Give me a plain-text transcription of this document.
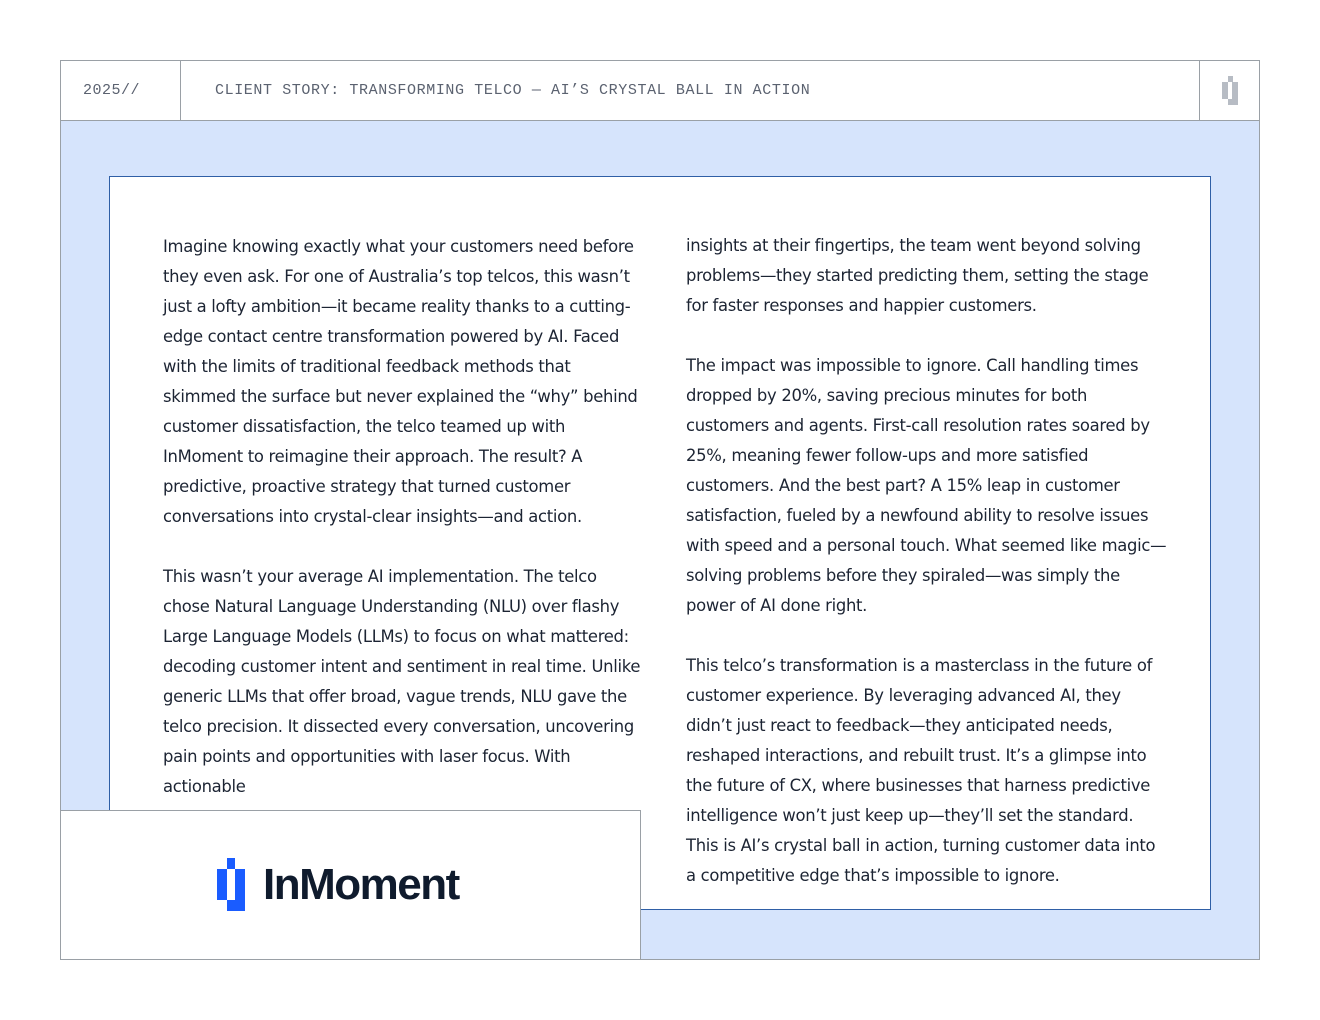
2025//	CLIENT STORY: TRANSFORMING TELCO — AI’S CRYSTAL BALL IN ACTION

Imagine knowing exactly what your customers need before they even ask. For one of Australia’s top telcos, this wasn’t just a lofty ambition—it became reality thanks to a cutting-edge contact centre transformation powered by AI. Faced with the limits of traditional feedback methods that skimmed the surface but never explained the “why” behind customer dissatisfaction, the telco teamed up with InMoment to reimagine their approach. The result? A predictive, proactive strategy that turned customer conversations into crystal-clear insights—and action.

This wasn’t your average AI implementation. The telco chose Natural Language Understanding (NLU) over flashy Large Language Models (LLMs) to focus on what mattered: decoding customer intent and sentiment in real time. Unlike generic LLMs that offer broad, vague trends, NLU gave the telco precision. It dissected every conversation, uncovering pain points and opportunities with laser focus. With actionable

insights at their fingertips, the team went beyond solving problems—they started predicting them, setting the stage for faster responses and happier customers.

The impact was impossible to ignore. Call handling times dropped by 20%, saving precious minutes for both customers and agents. First-call resolution rates soared by 25%, meaning fewer follow-ups and more satisfied customers. And the best part? A 15% leap in customer satisfaction, fueled by a newfound ability to resolve issues with speed and a personal touch. What seemed like magic—solving problems before they spiraled—was simply the power of AI done right.

This telco’s transformation is a masterclass in the future of customer experience. By leveraging advanced AI, they didn’t just react to feedback—they anticipated needs, reshaped interactions, and rebuilt trust. It’s a glimpse into the future of CX, where businesses that harness predictive intelligence won’t just keep up—they’ll set the standard. This is AI’s crystal ball in action, turning customer data into a competitive edge that’s impossible to ignore.

InMoment
